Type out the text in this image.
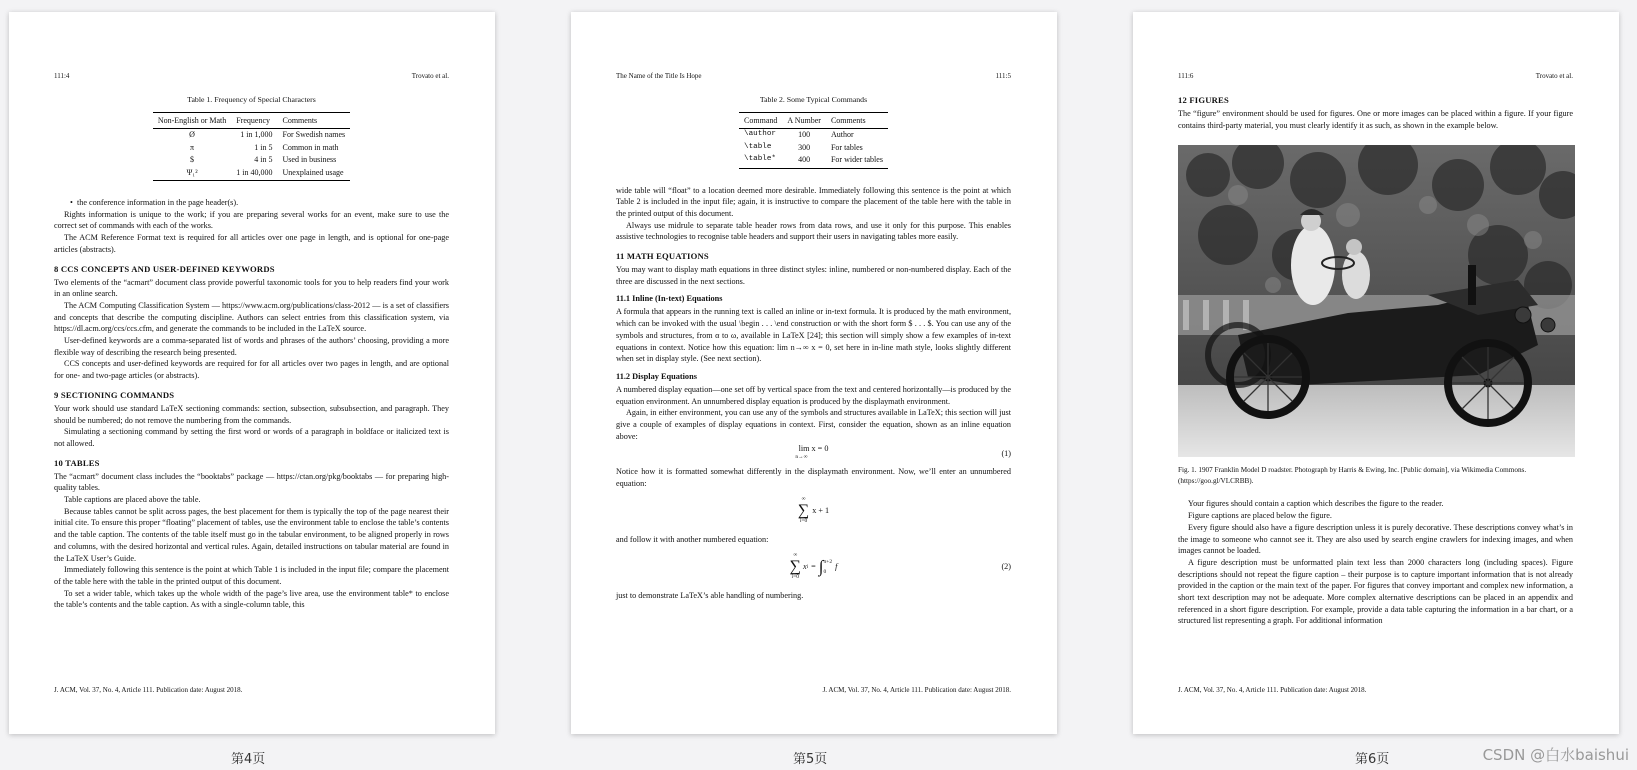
111:4	Trovato et al.
Table 1. Frequency of Special Characters
Non-English or Math	Frequency	Comments
Ø	1 in 1,000	For Swedish names
π	1 in 5	Common in math
$	4 in 5	Used in business
Ψ₁²	1 in 40,000	Unexplained usage
•  the conference information in the page header(s).

Rights information is unique to the work; if you are preparing several works for an event, make sure to use the correct set of commands with each of the works.

The ACM Reference Format text is required for all articles over one page in length, and is optional for one-page articles (abstracts).

8 CCS CONCEPTS AND USER-DEFINED KEYWORDS

Two elements of the “acmart” document class provide powerful taxonomic tools for you to help readers find your work in an online search.

The ACM Computing Classification System — https://www.acm.org/publications/class-2012 — is a set of classifiers and concepts that describe the computing discipline. Authors can select entries from this classification system, via https://dl.acm.org/ccs/ccs.cfm, and generate the commands to be included in the LaTeX source.

User-defined keywords are a comma-separated list of words and phrases of the authors’ choosing, providing a more flexible way of describing the research being presented.

CCS concepts and user-defined keywords are required for for all articles over two pages in length, and are optional for one- and two-page articles (or abstracts).

9 SECTIONING COMMANDS

Your work should use standard LaTeX sectioning commands: section, subsection, subsubsection, and paragraph. They should be numbered; do not remove the numbering from the commands.

Simulating a sectioning command by setting the first word or words of a paragraph in boldface or italicized text is not allowed.

10 TABLES

The “acmart” document class includes the “booktabs” package — https://ctan.org/pkg/booktabs — for preparing high-quality tables.

Table captions are placed above the table.

Because tables cannot be split across pages, the best placement for them is typically the top of the page nearest their initial cite. To ensure this proper “floating” placement of tables, use the environment table to enclose the table’s contents and the table caption. The contents of the table itself must go in the tabular environment, to be aligned properly in rows and columns, with the desired horizontal and vertical rules. Again, detailed instructions on tabular material are found in the LaTeX User’s Guide.

Immediately following this sentence is the point at which Table 1 is included in the input file; compare the placement of the table here with the table in the printed output of this document.

To set a wider table, which takes up the whole width of the page’s live area, use the environment table* to enclose the table’s contents and the table caption. As with a single-column table, this

J. ACM, Vol. 37, No. 4, Article 111. Publication date: August 2018.
The Name of the Title Is Hope	111:5
Table 2. Some Typical Commands
Command	A Number	Comments
\author	100	Author
\table	300	For tables
\table*	400	For wider tables

wide table will “float” to a location deemed more desirable. Immediately following this sentence is the point at which Table 2 is included in the input file; again, it is instructive to compare the placement of the table here with the table in the printed output of this document.

Always use midrule to separate table header rows from data rows, and use it only for this purpose. This enables assistive technologies to recognise table headers and support their users in navigating tables more easily.

11 MATH EQUATIONS

You may want to display math equations in three distinct styles: inline, numbered or non-numbered display. Each of the three are discussed in the next sections.

11.1 Inline (In-text) Equations

A formula that appears in the running text is called an inline or in-text formula. It is produced by the math environment, which can be invoked with the usual \begin . . . \end construction or with the short form $ . . . $. You can use any of the symbols and structures, from α to ω, available in LaTeX [24]; this section will simply show a few examples of in-text equations in context. Notice how this equation: lim n→∞ x = 0, set here in in-line math style, looks slightly different when set in display style. (See next section).

11.2 Display Equations

A numbered display equation—one set off by vertical space from the text and centered horizontally—is produced by the equation environment. An unnumbered display equation is produced by the displaymath environment.

Again, in either environment, you can use any of the symbols and structures available in LaTeX; this section will just give a couple of examples of display equations in context. First, consider the equation, shown as an inline equation above:

lim x = 0
n→∞	(1)

Notice how it is formatted somewhat differently in the displaymath environment. Now, we’ll enter an unnumbered equation:

∞
∑
i=0
x + 1

and follow it with another numbered equation:

∞
∑
i=0
x i = ∫ π+2
0
f	(2)

just to demonstrate LaTeX’s able handling of numbering.

J. ACM, Vol. 37, No. 4, Article 111. Publication date: August 2018.
111:6	Trovato et al.
12 FIGURES

The “figure” environment should be used for figures. One or more images can be placed within a figure. If your figure contains third-party material, you must clearly identify it as such, as shown in the example below.

Fig. 1. 1907 Franklin Model D roadster. Photograph by Harris & Ewing, Inc. [Public domain], via Wikimedia Commons. (https://goo.gl/VLCRBB).

Your figures should contain a caption which describes the figure to the reader.

Figure captions are placed below the figure.

Every figure should also have a figure description unless it is purely decorative. These descriptions convey what’s in the image to someone who cannot see it. They are also used by search engine crawlers for indexing images, and when images cannot be loaded.

A figure description must be unformatted plain text less than 2000 characters long (including spaces). Figure descriptions should not repeat the figure caption – their purpose is to capture important information that is not already provided in the caption or the main text of the paper. For figures that convey important and complex new information, a short text description may not be adequate. More complex alternative descriptions can be placed in an appendix and referenced in a short figure description. For example, provide a data table capturing the information in a bar chart, or a structured list representing a graph. For additional information

J. ACM, Vol. 37, No. 4, Article 111. Publication date: August 2018.
第4页	第5页	第6页	CSDN @白水baishui
